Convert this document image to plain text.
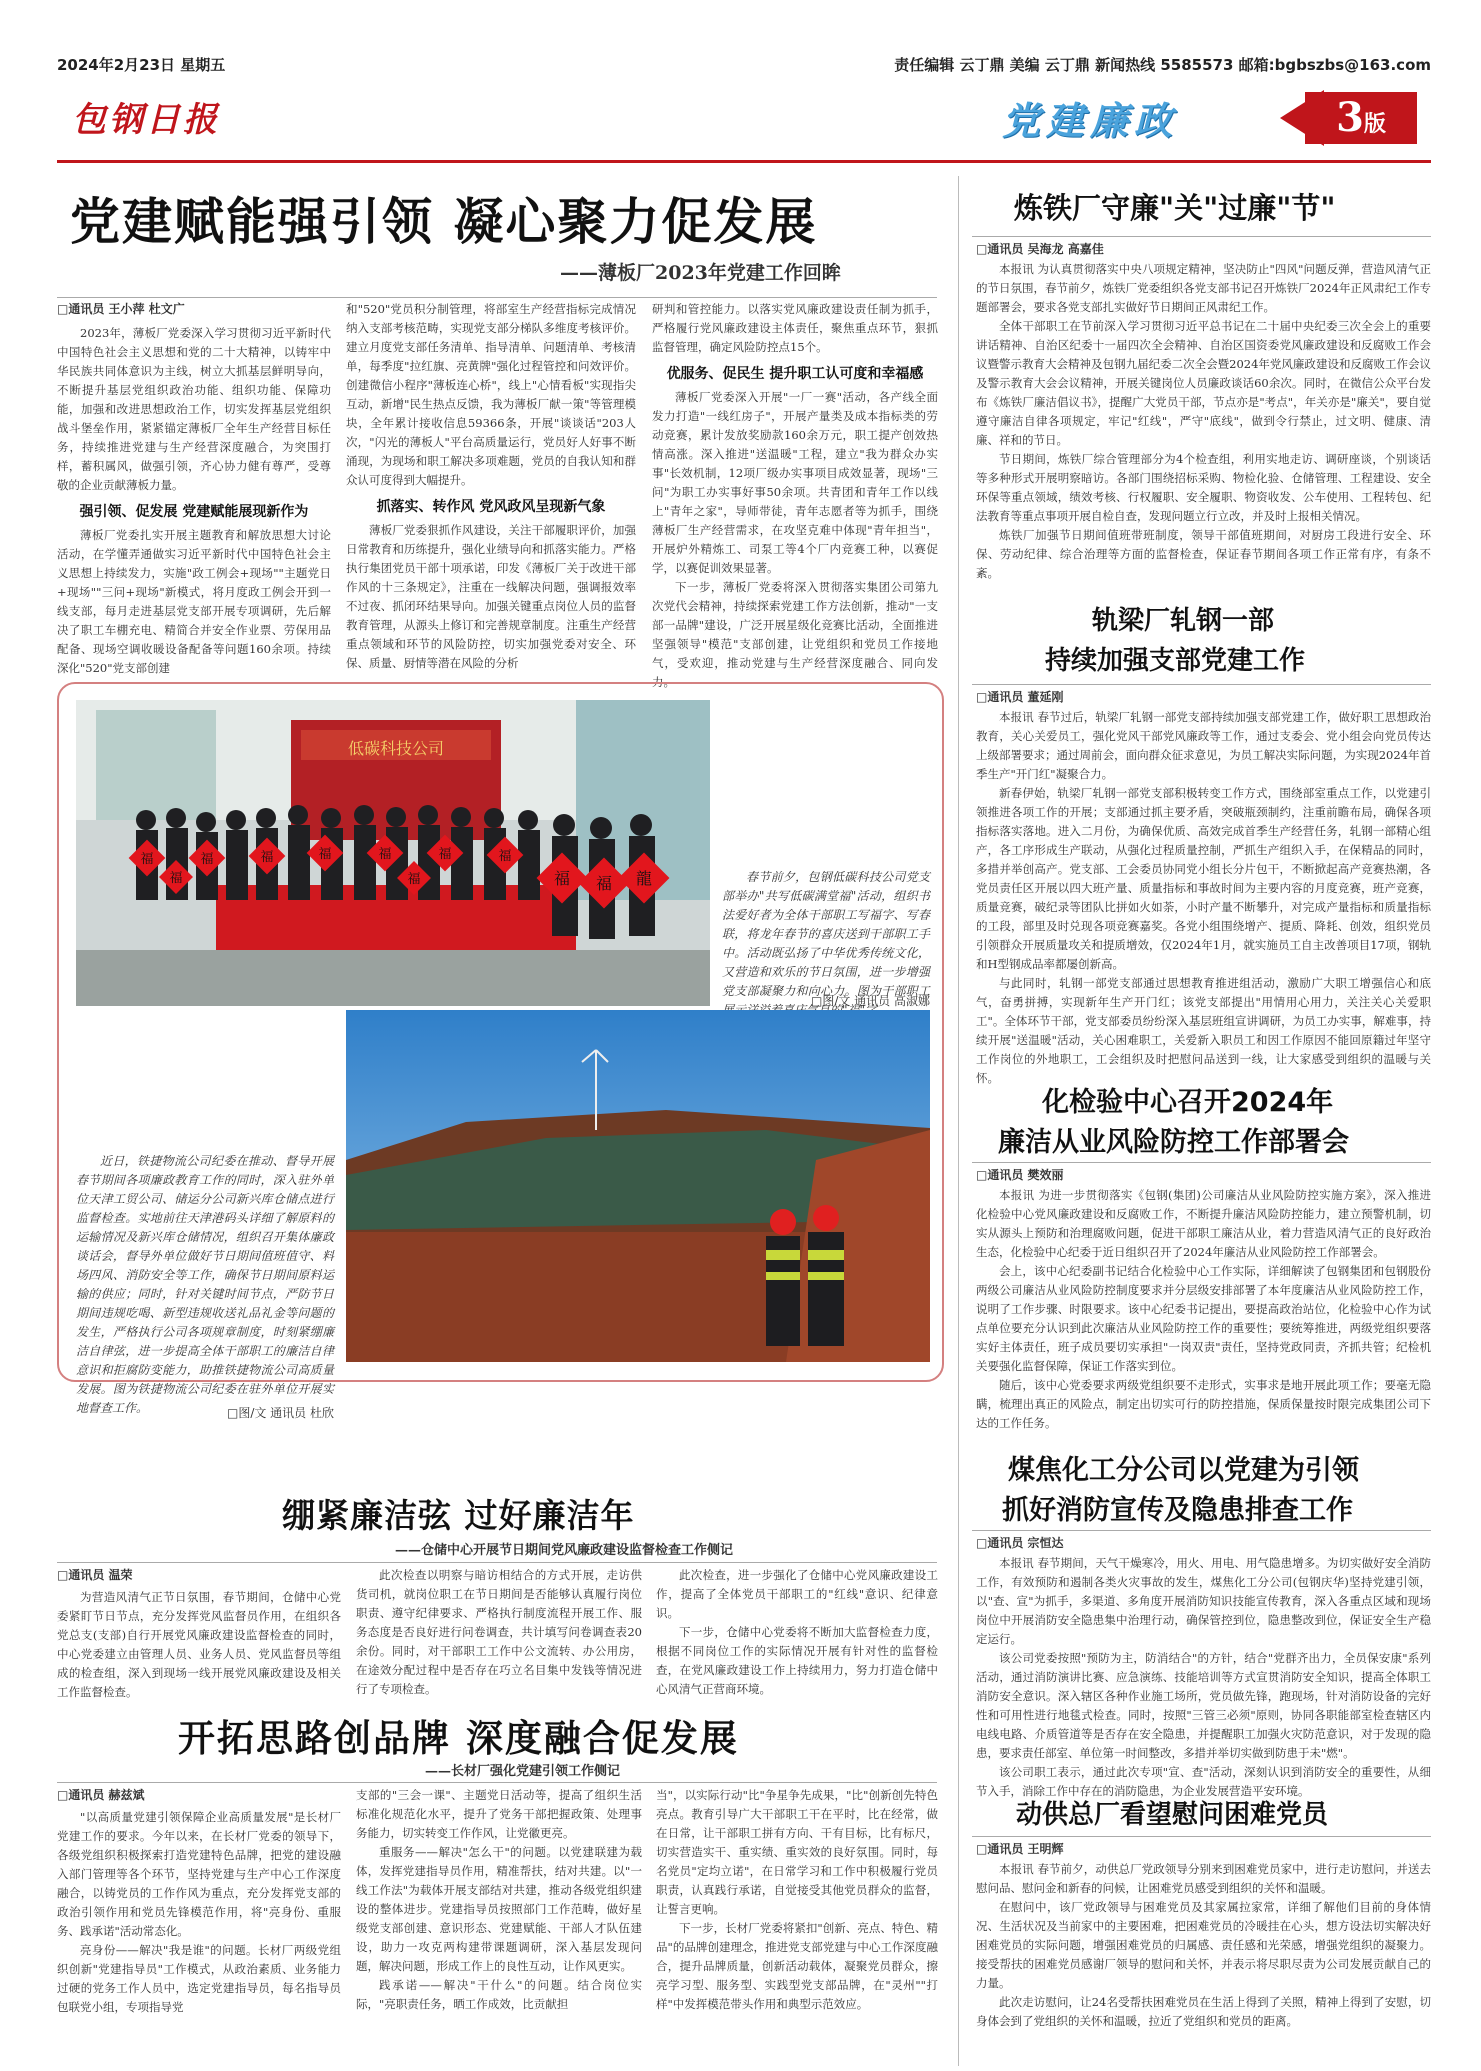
2024年2月23日 星期五	责任编辑 云丁鼎 美编 云丁鼎 新闻热线 5585573 邮箱:bgbszbs@163.com
包钢日报	党建廉政	3版
党建赋能强引领 凝心聚力促发展
——薄板厂2023年党建工作回眸
□通讯员 王小萍 杜文广

2023年，薄板厂党委深入学习贯彻习近平新时代中国特色社会主义思想和党的二十大精神，以铸牢中华民族共同体意识为主线，树立大抓基层鲜明导向，不断提升基层党组织政治功能、组织功能、保障功能，加强和改进思想政治工作，切实发挥基层党组织战斗堡垒作用，紧紧锚定薄板厂全年生产经营目标任务，持续推进党建与生产经营深度融合，为突围打样，蓄积属风，做强引领，齐心协力健有尊严，受尊敬的企业贡献薄板力量。

强引领、促发展 党建赋能展现新作为

薄板厂党委扎实开展主题教育和解放思想大讨论活动，在学懂弄通做实习近平新时代中国特色社会主义思想上持续发力，实施"政工例会+现场""主题党日+现场""三问+现场"新模式，将月度政工例会开到一线支部，每月走进基层党支部开展专项调研，先后解决了职工车棚充电、精简合并安全作业票、劳保用品配备、现场空调收暖设备配备等问题160余项。持续深化"520"党支部创建

和"520"党员积分制管理，将部室生产经营指标完成情况纳入支部考核范畴，实现党支部分梯队多维度考核评价。建立月度党支部任务清单、指导清单、问题清单、考核清单，每季度"拉红旗、亮黄牌"强化过程管控和问效评价。创建微信小程序"薄板连心桥"，线上"心情看板"实现指尖互动，新增"民生热点反馈，我为薄板厂献一策"等管理模块，全年累计接收信息59366条，开展"谈谈话"203人次，"闪光的薄板人"平台高质量运行，党员好人好事不断涌现，为现场和职工解决多项难题，党员的自我认知和群众认可度得到大幅提升。

抓落实、转作风 党风政风呈现新气象

薄板厂党委狠抓作风建设，关注干部履职评价，加强日常教育和历练提升，强化业绩导向和抓落实能力。严格执行集团党员干部十项承诺，印发《薄板厂关于改进干部作风的十三条规定》，注重在一线解决问题，强调报效率不过夜、抓闭环结果导向。加强关键重点岗位人员的监督教育管理，从源头上修订和完善规章制度。注重生产经营重点领域和环节的风险防控，切实加强党委对安全、环保、质量、厨情等潜在风险的分析

研判和管控能力。以落实党风廉政建设责任制为抓手，严格履行党风廉政建设主体责任，聚焦重点环节，狠抓监督管理，确定风险防控点15个。

优服务、促民生 提升职工认可度和幸福感

薄板厂党委深入开展"一厂一赛"活动，各产线全面发力打造"一线红房子"，开展产量类及成本指标类的劳动竞赛，累计发放奖励款160余万元，职工提产创效热情高涨。深入推进"送温暖"工程，建立"我为群众办实事"长效机制，12项厂级办实事项目成效显著，现场"三问"为职工办实事好事50余项。共青团和青年工作以线上"青年之家"，导师带徒，青年志愿者等为抓手，围绕薄板厂生产经营需求，在攻坚克难中体现"青年担当"，开展炉外精炼工、司泵工等4个厂内竞赛工种，以赛促学，以赛促训效果显著。

下一步，薄板厂党委将深入贯彻落实集团公司第九次党代会精神，持续探索党建工作方法创新，推动"一支部一品牌"建设，广泛开展星级化竞赛比活动，全面推进坚强领导"模范"支部创建，让党组织和党员工作接地气，受欢迎，推动党建与生产经营深度融合、同向发力。

低碳科技公司
福	福	福	福	福	福	福
福	福	福 福 龍	春节前夕，包钢低碳科技公司党支部举办"共写低碳满堂福"活动，组织书法爱好者为全体干部职工写福字、写春联，将龙年春节的喜庆送到干部职工手中。活动既弘扬了中华优秀传统文化，又营造和欢乐的节日氛围，进一步增强党支部凝聚力和向心力。图为干部职工

□图/文 通讯员 高淑娜

近日，铁捷物流公司纪委在推动、督导开展春节期间各项廉政教育工作的同时，深入驻外单位天津工贸公司、储运分公司新兴库仓储点进行监督检查。实地前往天津港码头详细了解原料的运输情况及新兴库仓储情况，组织召开集体廉政谈话会，督导外单位做好节日期间值班值守、料场四风、消防安全等工作，确保节日期间原料运输的供应；同时，针对关键时间节点，严防节日期间违规吃喝、新型违规收送礼品礼金等问题的发生，严格执行公司各项规章制度，时刻紧绷廉洁自律弦，进一步提高全体干部职工的廉洁自律意识和拒腐防变能力，助推铁捷物流公司高质量发展。图为铁捷物流公司纪委在驻外单位开展实地督查工作。	□图/文 通讯员 杜欣
绷紧廉洁弦 过好廉洁年
——仓储中心开展节日期间党风廉政建设监督检查工作侧记
□通讯员 温荣

为营造风清气正节日氛围，春节期间，仓储中心党委紧盯节日节点，充分发挥党风监督员作用，在组织各党总支(支部)自行开展党风廉政建设监督检查的同时，中心党委建立由管理人员、业务人员、党风监督员等组成的检查组，深入到现场一线开展党风廉政建设及相关工作监督检查。

此次检查以明察与暗访相结合的方式开展，走访供货司机，就岗位职工在节日期间是否能够认真履行岗位职责、遵守纪律要求、严格执行制度流程开展工作、服务态度是否良好进行问卷调查，共计填写问卷调查表20余份。同时，对干部职工工作中公文流转、办公用房，在途效分配过程中是否存在巧立名目集中发钱等情况进行了专项检查。

此次检查，进一步强化了仓储中心党风廉政建设工作，提高了全体党员干部职工的"红线"意识、纪律意识。

下一步，仓储中心党委将不断加大监督检查力度，根据不同岗位工作的实际情况开展有针对性的监督检查，在党风廉政建设工作上持续用力，努力打造仓储中心风清气正营商环境。

开拓思路创品牌 深度融合促发展
——长材厂强化党建引领工作侧记
□通讯员 赫兹斌

"以高质量党建引领保障企业高质量发展"是长材厂党建工作的要求。今年以来，在长材厂党委的领导下，各级党组织积极探索打造党建特色品牌，把党的建设融入部门管理等各个环节，坚持党建与生产中心工作深度融合，以铸党员的工作作风为重点，充分发挥党支部的政治引领作用和党员先锋模范作用，将"亮身份、重服务、践承诺"活动常态化。

亮身份——解决"我是谁"的问题。长材厂两级党组织创新"党建指导员"工作模式，从政治素质、业务能力过硬的党务工作人员中，选定党建指导员，每名指导员包联党小组，专项指导党

支部的"三会一课"、主题党日活动等，提高了组织生活标准化规范化水平，提升了党务干部把握政策、处理事务能力，切实转变工作作风，让党徽更亮。

重服务——解决"怎么干"的问题。以党建联建为载体，发挥党建指导员作用，精准帮扶，结对共建。以"一线工作法"为载体开展支部结对共建，推动各级党组织建设的整体进步。党建指导员按照部门工作范畴，做好星级党支部创建、意识形态、党建赋能、干部人才队伍建设，助力一攻克两构建带课题调研，深入基层发现问题，解决问题，形成工作上的良性互动，让作风更实。

践承诺——解决"干什么"的问题。结合岗位实际，"亮职责任务，晒工作成效，比贡献担

当"，以实际行动"比"争星争先成果，"比"创新创先特色亮点。教育引导广大干部职工干在平时，比在经常，做在日常，让干部职工拼有方向、干有目标，比有标尺，切实营造实干、重实绩、重实效的良好氛围。同时，每名党员"定均立诺"，在日常学习和工作中积极履行党员职责，认真践行承诺，自觉接受其他党员群众的监督，让誓言更响。

下一步，长材厂党委将紧扣"创新、亮点、特色、精品"的品牌创建理念，推进党支部党建与中心工作深度融合，提升品牌质量，创新活动载体，凝聚党员群众，擦亮学习型、服务型、实践型党支部品牌，在"灵州""打样"中发挥模范带头作用和典型示范效应。

炼铁厂守廉"关"过廉"节"
□通讯员 吴海龙 高嘉佳

本报讯 为认真贯彻落实中央八项规定精神，坚决防止"四风"问题反弹，营造风清气正的节日氛围，春节前夕，炼铁厂党委组织各党支部书记召开炼铁厂2024年正风肃纪工作专题部署会，要求各党支部扎实做好节日期间正风肃纪工作。

全体干部职工在节前深入学习贯彻习近平总书记在二十届中央纪委三次全会上的重要讲话精神、自治区纪委十一届四次全会精神、自治区国资委党风廉政建设和反腐败工作会议暨警示教育大会精神及包钢九届纪委二次全会暨2024年党风廉政建设和反腐败工作会议及警示教育大会会议精神，开展关键岗位人员廉政谈话60余次。同时，在微信公众平台发布《炼铁厂廉洁倡议书》，提醒广大党员干部，节点亦是"考点"，年关亦是"廉关"，要自觉遵守廉洁自律各项规定，牢记"红线"，严守"底线"，做到令行禁止，过文明、健康、清廉、祥和的节日。

节日期间，炼铁厂综合管理部分为4个检查组，利用实地走访、调研座谈，个别谈话等多种形式开展明察暗访。各部门围绕招标采购、物检化验、仓储管理、工程建设、安全环保等重点领域，绩效考核、行权履职、安全履职、物资收发、公车使用、工程转包、纪法教育等重点事项开展自检自查，发现问题立行立改，并及时上报相关情况。

炼铁厂加强节日期间值班带班制度，领导干部值班期间，对厨房工段进行安全、环保、劳动纪律、综合治理等方面的监督检查，保证春节期间各项工作正常有序，有条不紊。

轨梁厂轧钢一部
持续加强支部党建工作
□通讯员 董延刚

本报讯 春节过后，轨梁厂轧钢一部党支部持续加强支部党建工作，做好职工思想政治教育，关心关爱员工，强化党风干部党风廉政等工作，通过支委会、党小组会向党员传达上级部署要求；通过周前会，面向群众征求意见，为员工解决实际问题，为实现2024年首季生产"开门红"凝聚合力。

新春伊始，轨梁厂轧钢一部党支部积极转变工作方式，围绕部室重点工作，以党建引领推进各项工作的开展；支部通过抓主要矛盾，突破瓶颈制约，注重前瞻布局，确保各项指标落实落地。进入二月份，为确保优质、高效完成首季生产经营任务，轧钢一部精心组产，各工序形成生产联动，从强化过程质量控制，严抓生产组织入手，在保精品的同时，多措并举创高产。党支部、工会委员协同党小组长分片包干，不断掀起高产竞赛热潮，各党员责任区开展以四大班产量、质量指标和事故时间为主要内容的月度竞赛，班产竞赛，质量竞赛，破纪录等团队比拼如火如荼，小时产量不断攀升，对完成产量指标和质量指标的工段，部里及时兑现各项竞赛嘉奖。各党小组围绕增产、提质、降耗、创效，组织党员引领群众开展质量攻关和提质增效，仅2024年1月，就实施员工自主改善项目17项，钢轨和H型钢成品率都屡创新高。

与此同时，轧钢一部党支部通过思想教育推进组活动，激励广大职工增强信心和底气，奋勇拼搏，实现新年生产开门红；该党支部提出"用情用心用力，关注关心关爱职工"。全体环节干部，党支部委员纷纷深入基层班组宣讲调研，为员工办实事，解难事，持续开展"送温暖"活动，关心困难职工，关爱新入职员工和因工作原因不能回原籍过年坚守工作岗位的外地职工，工会组织及时把慰问品送到一线，让大家感受到组织的温暖与关怀。

化检验中心召开2024年
廉洁从业风险防控工作部署会
□通讯员 樊效丽

本报讯 为进一步贯彻落实《包钢(集团)公司廉洁从业风险防控实施方案》，深入推进化检验中心党风廉政建设和反腐败工作，不断提升廉洁风险防控能力，建立预警机制，切实从源头上预防和治理腐败问题，促进干部职工廉洁从业，着力营造风清气正的良好政治生态，化检验中心纪委于近日组织召开了2024年廉洁从业风险防控工作部署会。

会上，该中心纪委副书记结合化检验中心工作实际，详细解读了包钢集团和包钢股份两级公司廉洁从业风险防控制度要求并分层级安排部署了本年度廉洁从业风险防控工作，说明了工作步骤、时限要求。该中心纪委书记提出，要提高政治站位，化检验中心作为试点单位要充分认识到此次廉洁从业风险防控工作的重要性；要统筹推进，两级党组织要落实好主体责任，班子成员要切实承担"一岗双责"责任，坚持党政同责，齐抓共管；纪检机关要强化监督保障，保证工作落实到位。

随后，该中心党委要求两级党组织要不走形式，实事求是地开展此项工作；要毫无隐瞒，梳理出真正的风险点，制定出切实可行的防控措施，保质保量按时限完成集团公司下达的工作任务。

煤焦化工分公司以党建为引领
抓好消防宣传及隐患排查工作
□通讯员 宗恒达

本报讯 春节期间，天气干燥寒冷，用火、用电、用气隐患增多。为切实做好安全消防工作，有效预防和遏制各类火灾事故的发生，煤焦化工分公司(包钢庆华)坚持党建引领，以"查、宣"为抓手，多渠道、多角度开展消防知识技能宣传教育，深入各重点区域和现场岗位中开展消防安全隐患集中治理行动，确保管控到位，隐患整改到位，保证安全生产稳定运行。

该公司党委按照"预防为主，防消结合"的方针，结合"党群齐出力，全员保安康"系列活动，通过消防演讲比赛、应急演练、技能培训等方式宣贯消防安全知识，提高全体职工消防安全意识。深入辖区各种作业施工场所，党员做先锋，跑现场，针对消防设备的完好性和可用性进行地毯式检查。同时，按照"三管三必须"原则，协同各职能部室检查辖区内电线电路、介质管道等是否存在安全隐患，并提醒职工加强火灾防范意识，对于发现的隐患，要求责任部室、单位第一时间整改，多措并举切实做到防患于未"燃"。

该公司职工表示，通过此次专项"宣、查"活动，深刻认识到消防安全的重要性，从细节入手，消除工作中存在的消防隐患，为企业发展营造平安环境。

动供总厂看望慰问困难党员
□通讯员 王明辉

本报讯 春节前夕，动供总厂党政领导分别来到困难党员家中，进行走访慰问，并送去慰问品、慰问金和新春的问候，让困难党员感受到组织的关怀和温暖。

在慰问中，该厂党政领导与困难党员及其家属拉家常，详细了解他们目前的身体情况、生活状况及当前家中的主要困难，把困难党员的冷暖挂在心头，想方设法切实解决好困难党员的实际问题，增强困难党员的归属感、责任感和光荣感，增强党组织的凝聚力。接受帮扶的困难党员感谢厂领导的慰问和关怀，并表示将尽职尽责为公司发展贡献自己的力量。

此次走访慰问，让24名受帮扶困难党员在生活上得到了关照，精神上得到了安慰，切身体会到了党组织的关怀和温暖，拉近了党组织和党员的距离。
